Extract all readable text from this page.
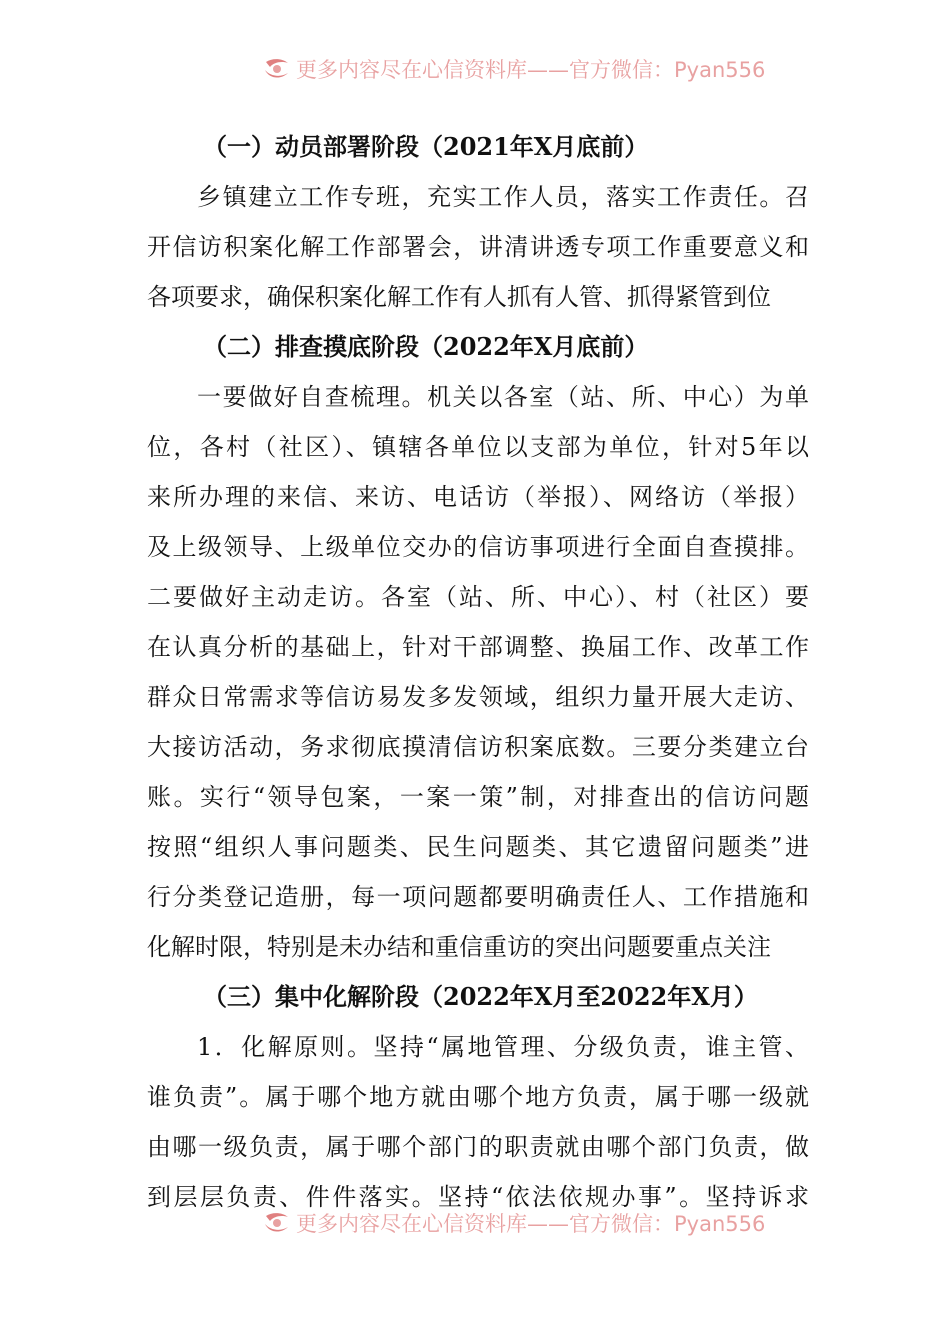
更多内容尽在心信资料库——官方微信：Pyan556
（一）动员部署阶段（2021年X月底前）
乡镇建立工作专班，充实工作人员，落实工作责任。召
开信访积案化解工作部署会，讲清讲透专项工作重要意义和
各项要求，确保积案化解工作有人抓有人管、抓得紧管到位
（二）排查摸底阶段（2022年X月底前）
一要做好自查梳理。机关以各室（站、所、中心）为单
位，各村（社区）、镇辖各单位以支部为单位，针对5年以
来所办理的来信、来访、电话访（举报）、网络访（举报）
及上级领导、上级单位交办的信访事项进行全面自查摸排。
二要做好主动走访。各室（站、所、中心）、村（社区）要
在认真分析的基础上，针对干部调整、换届工作、改革工作
群众日常需求等信访易发多发领域，组织力量开展大走访、
大接访活动，务求彻底摸清信访积案底数。三要分类建立台
账。实行“领导包案，一案一策”制，对排查出的信访问题
按照“组织人事问题类、民生问题类、其它遗留问题类”进
行分类登记造册，每一项问题都要明确责任人、工作措施和
化解时限，特别是未办结和重信重访的突出问题要重点关注
（三）集中化解阶段（2022年X月至2022年X月）
1．化解原则。坚持“属地管理、分级负责，谁主管、
谁负责”。属于哪个地方就由哪个地方负责，属于哪一级就
由哪一级负责，属于哪个部门的职责就由哪个部门负责，做
到层层负责、件件落实。坚持“依法依规办事”。坚持诉求
更多内容尽在心信资料库——官方微信：Pyan556
